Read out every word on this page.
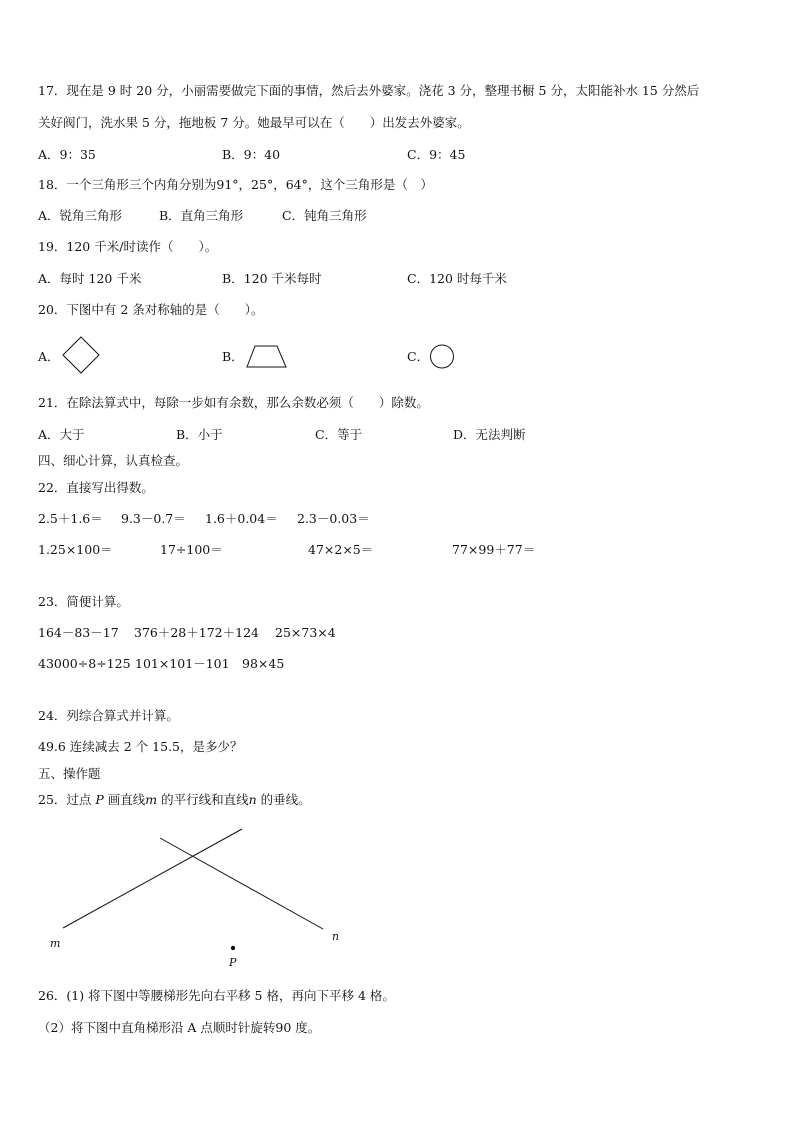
17．现在是 9 时 20 分，小丽需要做完下面的事情，然后去外婆家。浇花 3 分，整理书橱 5 分，太阳能补水 15 分然后
关好阀门，洗水果 5 分，拖地板 7 分。她最早可以在（　　）出发去外婆家。
A．9：35	B．9：40	C．9：45
18．一个三角形三个内角分别为91°，25°，64°，这个三角形是（　）
A．锐角三角形	B．直角三角形	C．钝角三角形
19．120 千米/时读作（　　）。
A．每时 120 千米	B．120 千米每时	C．120 时每千米
20．下图中有 2 条对称轴的是（　　）。
A．	B．	C．
21．在除法算式中，每除一步如有余数，那么余数必须（　　）除数。
A．大于	B．小于	C．等于	D．无法判断
四、细心计算，认真检查。
22．直接写出得数。
2.5＋1.6＝ 9.3－0.7＝ 1.6＋0.04＝ 2.3－0.03＝
1.25×100＝	17÷100＝	47×2×5＝	77×99＋77＝
23．简便计算。
164－83－17 376＋28＋172＋124 25×73×4
43000÷8÷125 101×101－101 98×45
24．列综合算式并计算。
49.6 连续减去 2 个 15.5，是多少？
五、操作题
25．过点 P 画直线m 的平行线和直线n 的垂线。
m
n
P
26．(1) 将下图中等腰梯形先向右平移 5 格，再向下平移 4 格。
（2）将下图中直角梯形沿 A 点顺时针旋转90 度。
